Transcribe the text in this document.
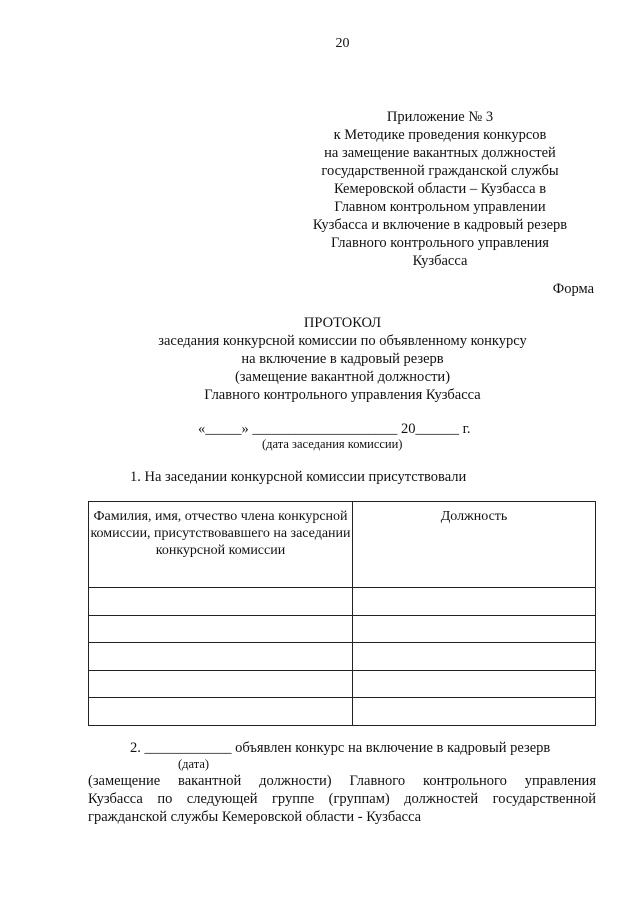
20
Приложение № 3
к Методике проведения конкурсов
на замещение вакантных должностей
государственной гражданской службы
Кемеровской области – Кузбасса в
Главном контрольном управлении
Кузбасса и включение в кадровый резерв
Главного контрольного управления
Кузбасса
Форма
ПРОТОКОЛ
заседания конкурсной комиссии по объявленному конкурсу
на включение в кадровый резерв
(замещение вакантной должности)
Главного контрольного управления Кузбасса
«_____» ____________________ 20______ г.
(дата заседания комиссии)
1. На заседании конкурсной комиссии присутствовали
Фамилия, имя, отчество члена конкурсной комиссии, присутствовавшего на заседании конкурсной комиссии	Должность

2. ____________ объявлен конкурс на включение в кадровый резерв
(дата)
(замещение вакантной должности) Главного контрольного управления
Кузбасса по следующей группе (группам) должностей государственной
гражданской службы Кемеровской области - Кузбасса
